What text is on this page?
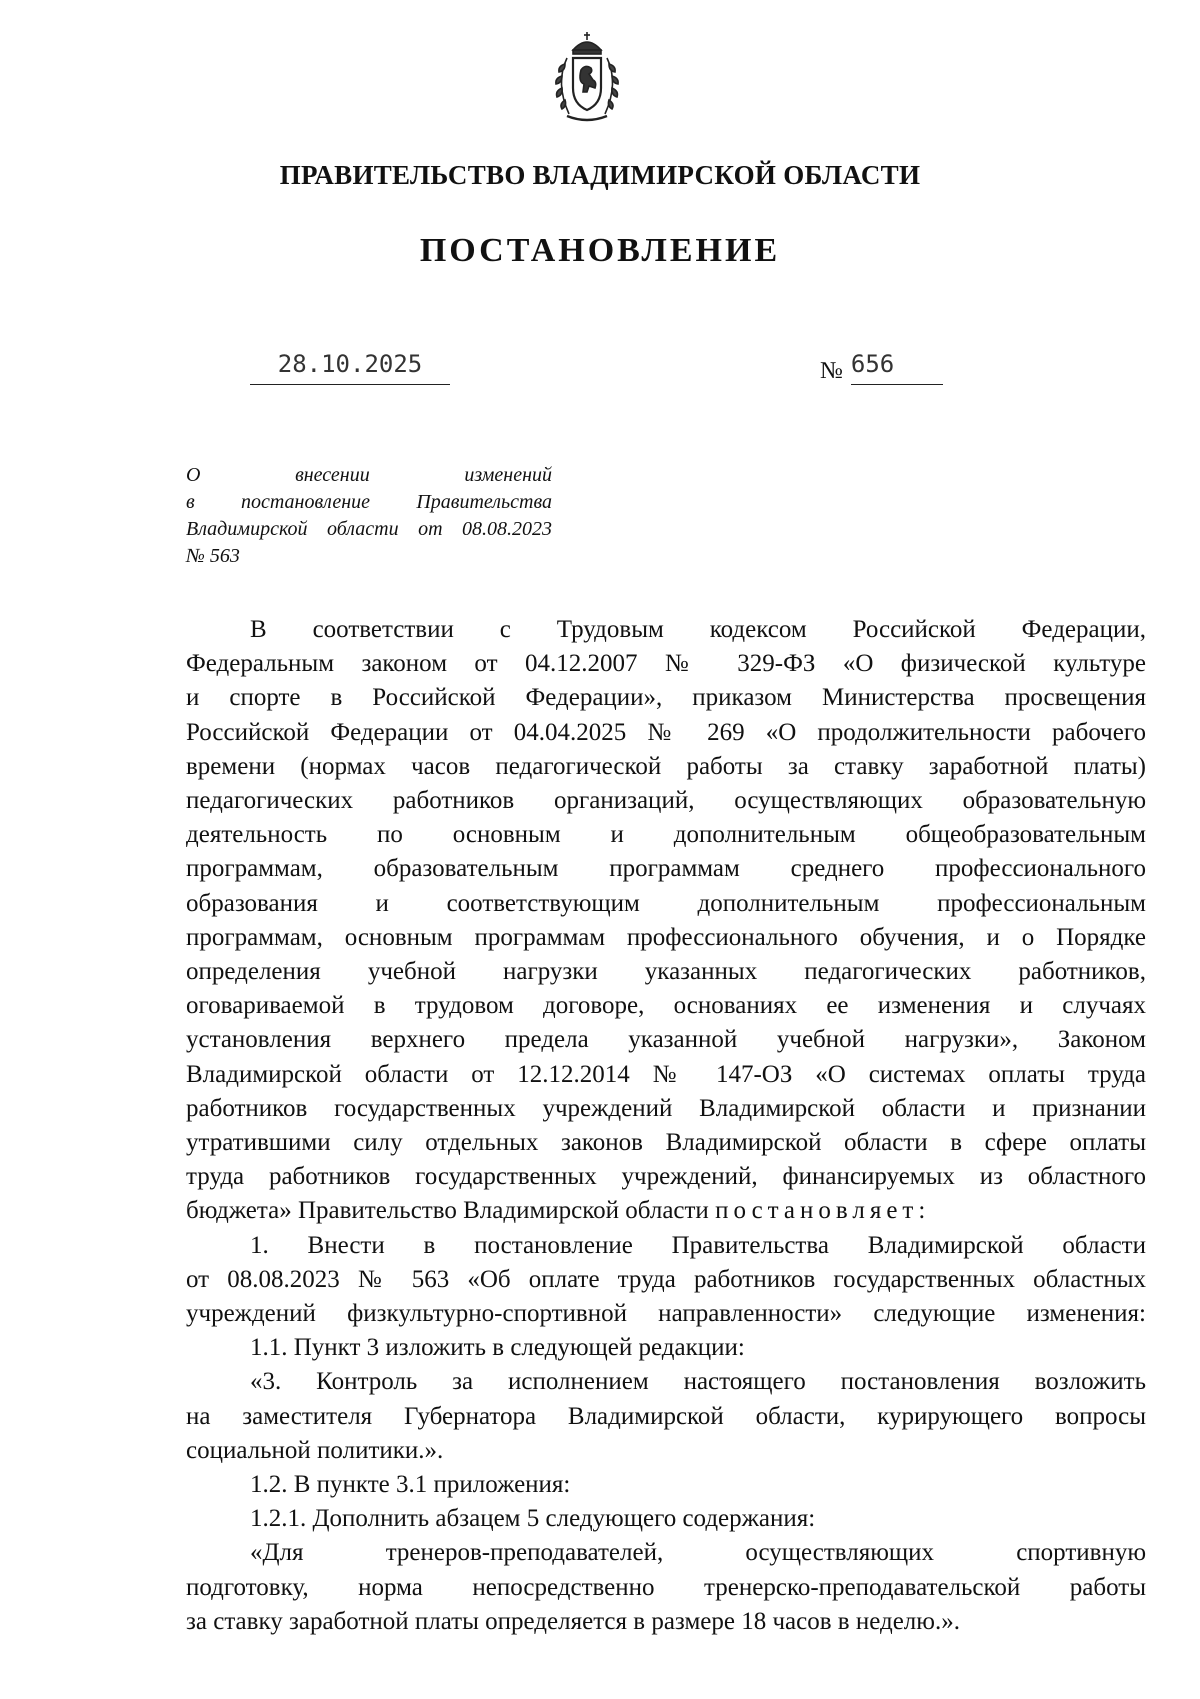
ПРАВИТЕЛЬСТВО ВЛАДИМИРСКОЙ ОБЛАСТИ
ПОСТАНОВЛЕНИЕ
28.10.2025	№ 656
О внесении изменений
в постановление Правительства
Владимирской области от 08.08.2023
№ 563

В соответствии с Трудовым кодексом Российской Федерации,

Федеральным законом от 04.12.2007 № 329-ФЗ «О физической культуре
и спорте в Российской Федерации», приказом Министерства просвещения
Российской Федерации от 04.04.2025 № 269 «О продолжительности рабочего
времени (нормах часов педагогической работы за ставку заработной платы)
педагогических работников организаций, осуществляющих образовательную
деятельность по основным и дополнительным общеобразовательным
программам, образовательным программам среднего профессионального
образования и соответствующим дополнительным профессиональным
программам, основным программам профессионального обучения, и о Порядке
определения учебной нагрузки указанных педагогических работников,
оговариваемой в трудовом договоре, основаниях ее изменения и случаях
установления верхнего предела указанной учебной нагрузки», Законом
Владимирской области от 12.12.2014 № 147-ОЗ «О системах оплаты труда
работников государственных учреждений Владимирской области и признании
утратившими силу отдельных законов Владимирской области в сфере оплаты
труда работников государственных учреждений, финансируемых из областного
бюджета» Правительство Владимирской области постановляет:
1. Внести в постановление Правительства Владимирской области
от 08.08.2023 № 563 «Об оплате труда работников государственных областных
учреждений физкультурно-спортивной направленности» следующие изменения:
1.1. Пункт 3 изложить в следующей редакции:
«3. Контроль за исполнением настоящего постановления возложить
на заместителя Губернатора Владимирской области, курирующего вопросы
социальной политики.».
1.2. В пункте 3.1 приложения:
1.2.1. Дополнить абзацем 5 следующего содержания:
«Для тренеров-преподавателей, осуществляющих спортивную
подготовку, норма непосредственно тренерско-преподавательской работы
за ставку заработной платы определяется в размере 18 часов в неделю.».
